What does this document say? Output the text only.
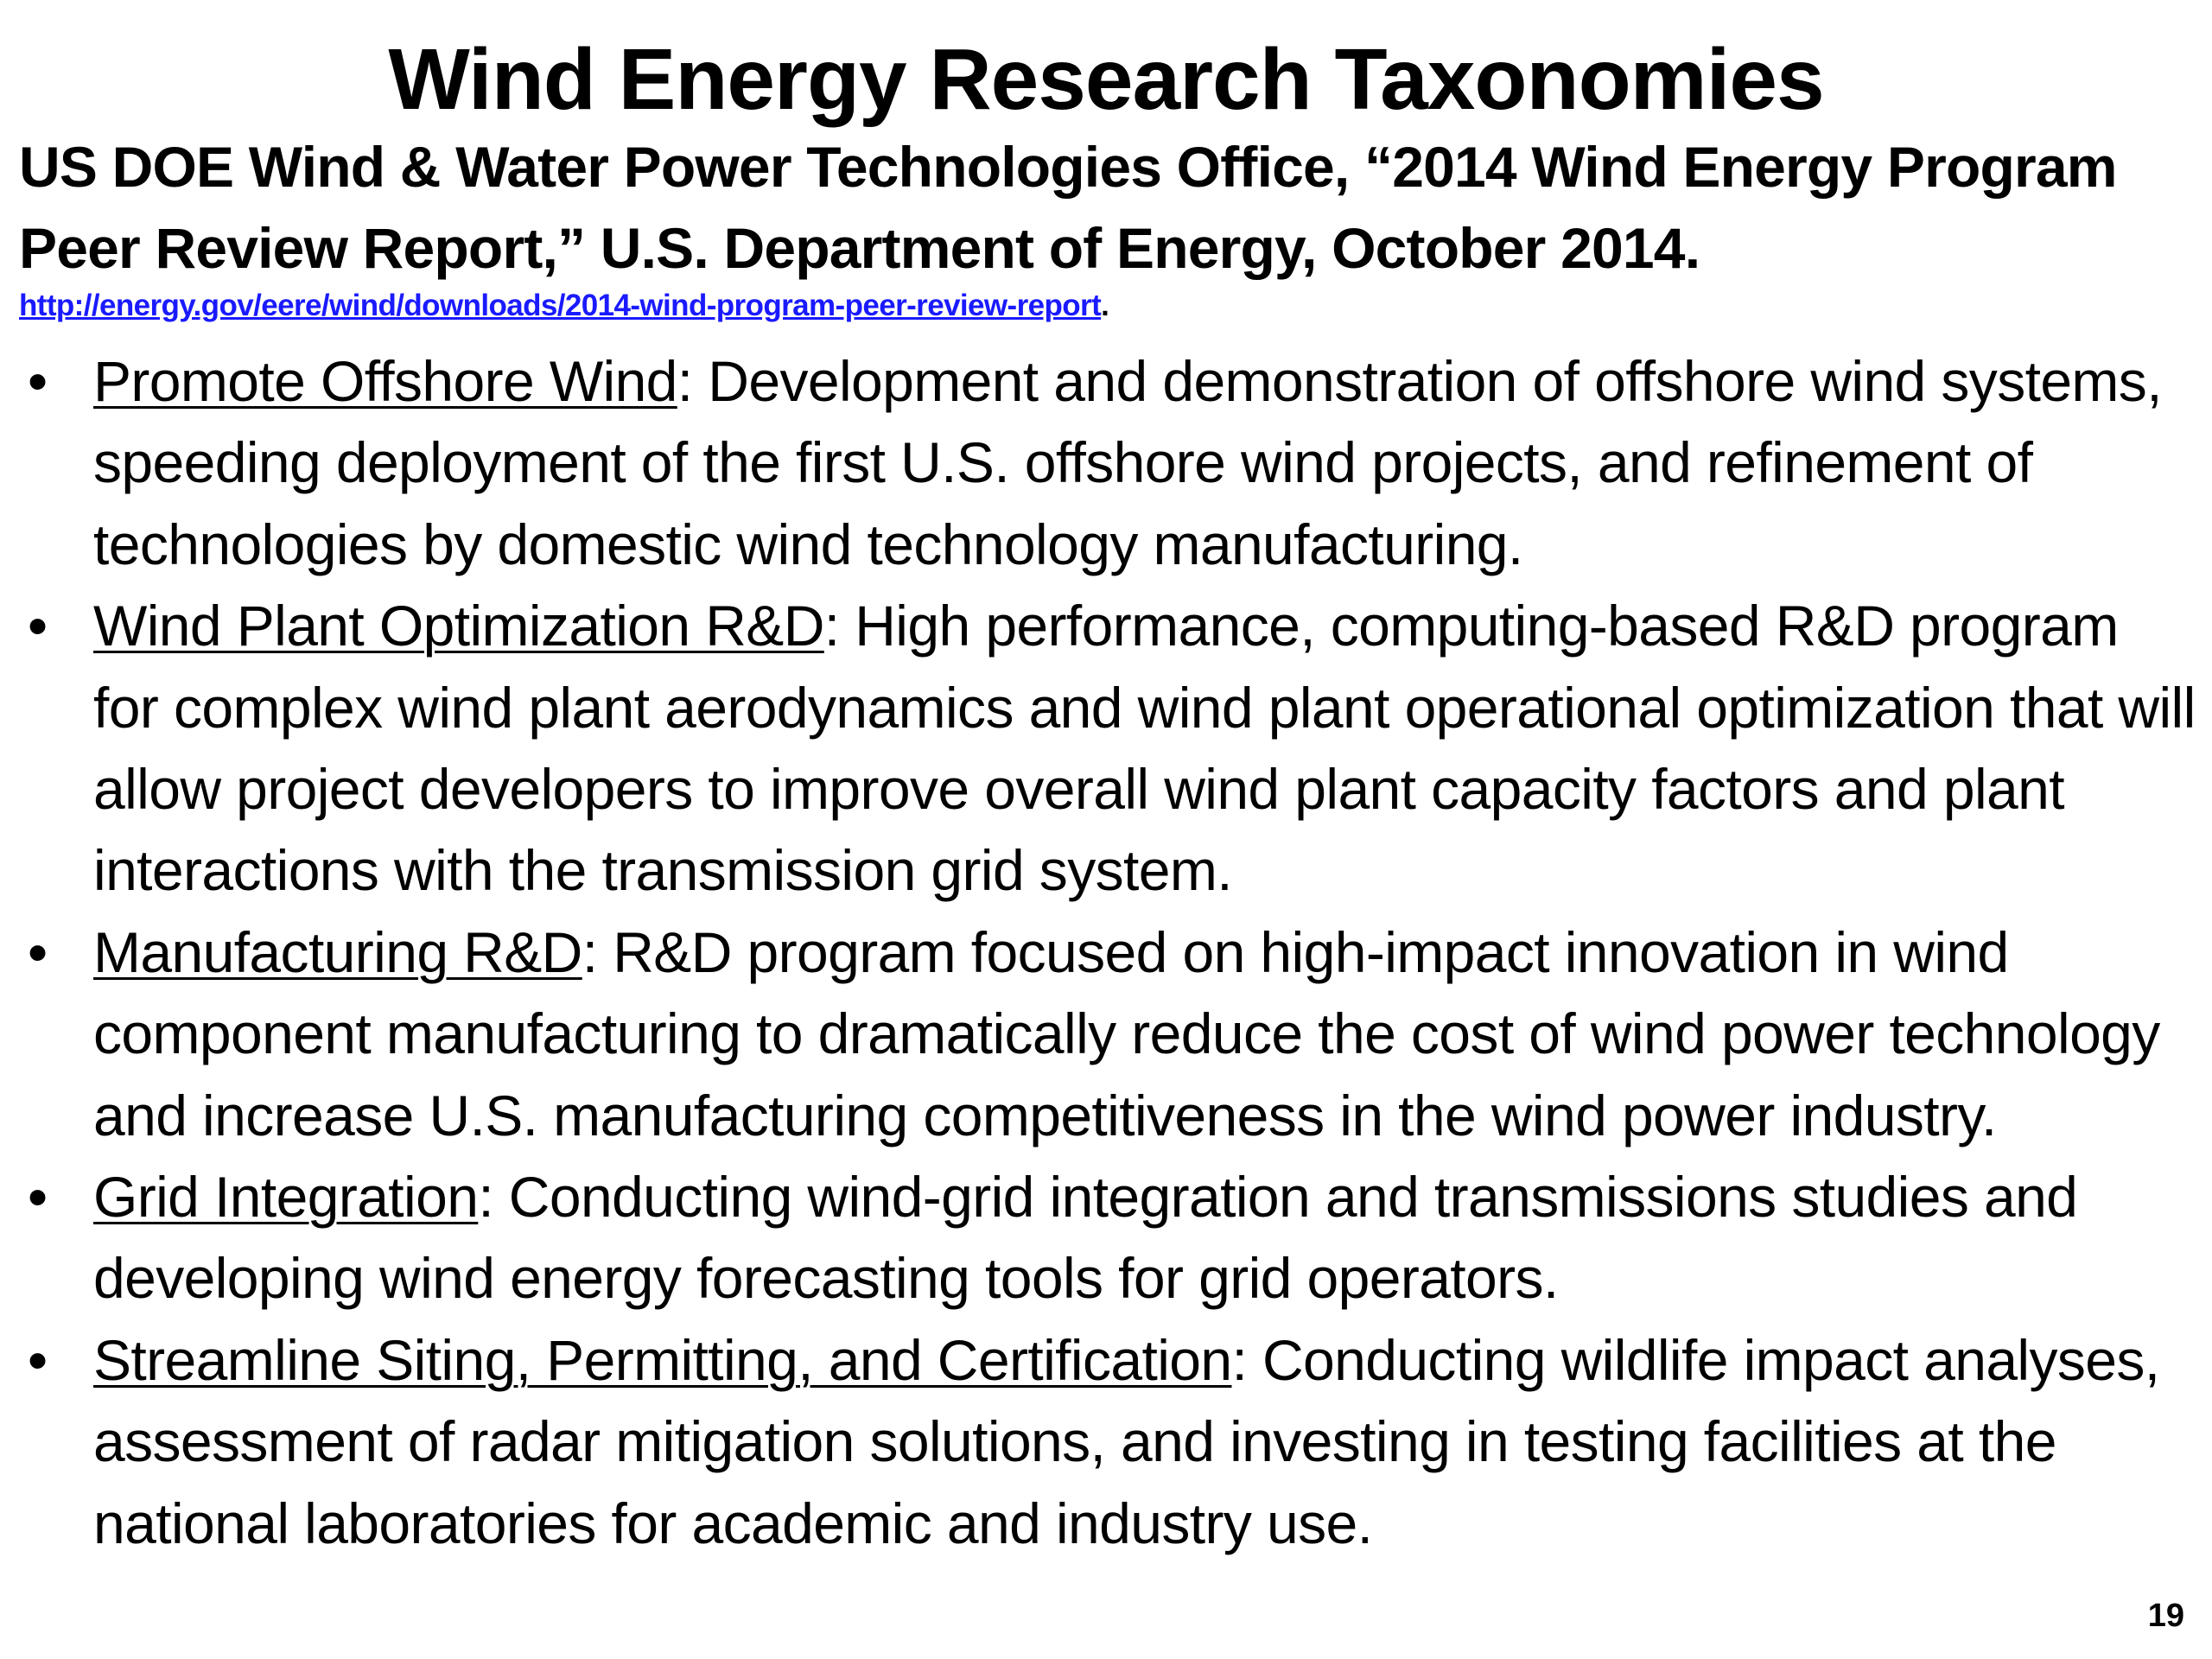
Wind Energy Research Taxonomies
US DOE Wind & Water Power Technologies Office, “2014 Wind Energy Program Peer Review Report,” U.S. Department of Energy, October 2014.
http://energy.gov/eere/wind/downloads/2014-wind-program-peer-review-report.
• Promote Offshore Wind: Development and demonstration of offshore wind systems, speeding deployment of the first U.S. offshore wind projects, and refinement of technologies by domestic wind technology manufacturing.
• Wind Plant Optimization R&D: High performance, computing-based R&D program for complex wind plant aerodynamics and wind plant operational optimization that will allow project developers to improve overall wind plant capacity factors and plant interactions with the transmission grid system.
• Manufacturing R&D: R&D program focused on high-impact innovation in wind component manufacturing to dramatically reduce the cost of wind power technology and increase U.S. manufacturing competitiveness in the wind power industry.
• Grid Integration: Conducting wind-grid integration and transmissions studies and developing wind energy forecasting tools for grid operators.
• Streamline Siting, Permitting, and Certification: Conducting wildlife impact analyses, assessment of radar mitigation solutions, and investing in testing facilities at the national laboratories for academic and industry use.
19
